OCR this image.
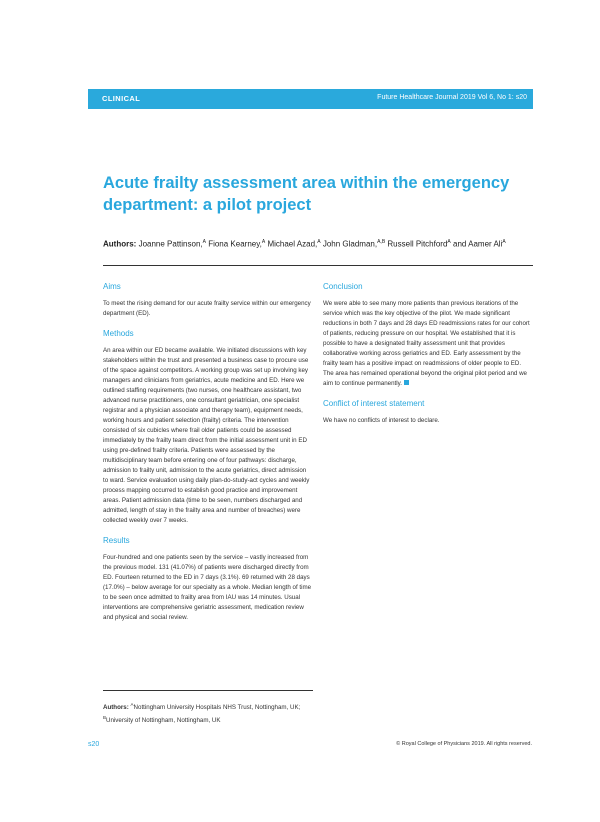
CLINICAL	Future Healthcare Journal 2019 Vol 6, No 1: s20
Acute frailty assessment area within the emergency department: a pilot project
Authors: Joanne Pattinson,$^A$ Fiona Kearney,$^A$ Michael Azad,$^A$ John Gladman,$^{A,B}$ Russell Pitchford$^A$ and Aamer Ali$^A$
Aims

To meet the rising demand for our acute frailty service within our emergency department (ED).

Methods

An area within our ED became available. We initiated discussions with key stakeholders within the trust and presented a business case to procure use of the space against competitors. A working group was set up involving key managers and clinicians from geriatrics, acute medicine and ED. Here we outlined staffing requirements (two nurses, one healthcare assistant, two advanced nurse practitioners, one consultant geriatrician, one specialist registrar and a physician associate and therapy team), equipment needs, working hours and patient selection (frailty) criteria. The intervention consisted of six cubicles where frail older patients could be assessed immediately by the frailty team direct from the initial assessment unit in ED using pre-defined frailty criteria. Patients were assessed by the multidisciplinary team before entering one of four pathways: discharge, admission to frailty unit, admission to the acute geriatrics, direct admission to ward. Service evaluation using daily plan-do-study-act cycles and weekly process mapping occurred to establish good practice and improvement areas. Patient admission data (time to be seen, numbers discharged and admitted, length of stay in the frailty area and number of breaches) were collected weekly over 7 weeks.

Results

Four-hundred and one patients seen by the service – vastly increased from the previous model. 131 (41.07%) of patients were discharged directly from ED. Fourteen returned to the ED in 7 days (3.1%). 69 returned with 28 days (17.0%) – below average for our specialty as a whole. Median length of time to be seen once admitted to frailty area from IAU was 14 minutes. Usual interventions are comprehensive geriatric assessment, medication review and physical and social review.

Conclusion

We were able to see many more patients than previous iterations of the service which was the key objective of the pilot. We made significant reductions in both 7 days and 28 days ED readmissions rates for our cohort of patients, reducing pressure on our hospital. We established that it is possible to have a designated frailty assessment unit that provides collaborative working across geriatrics and ED. Early assessment by the frailty team has a positive impact on readmissions of older people to ED. The area has remained operational beyond the original pilot period and we aim to continue permanently.

Conflict of interest statement

We have no conflicts of interest to declare.

Authors: $^A$Nottingham University Hospitals NHS Trust, Nottingham, UK; $^B$University of Nottingham, Nottingham, UK
s20	© Royal College of Physicians 2019. All rights reserved.
